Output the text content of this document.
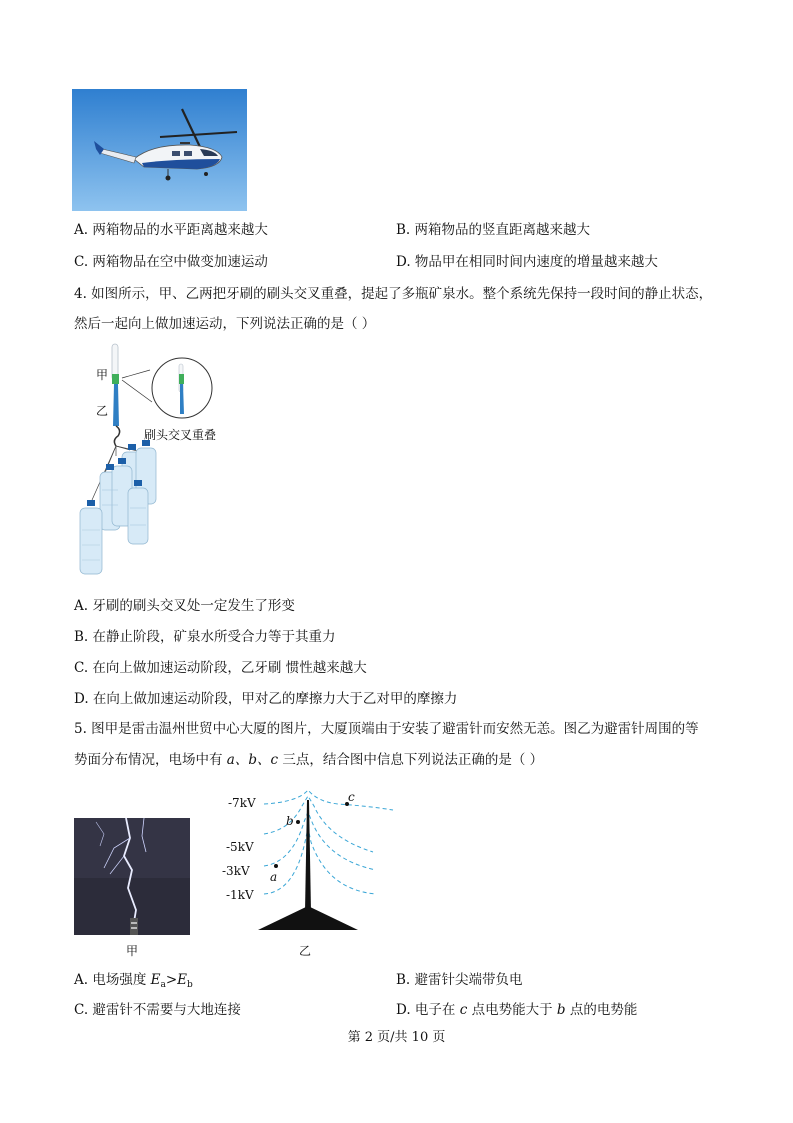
A. 两箱物品的水平距离越来越大	B. 两箱物品的竖直距离越来越大
C. 两箱物品在空中做变加速运动	D. 物品甲在相同时间内速度的增量越来越大
4. 如图所示，甲、乙两把牙刷的刷头交叉重叠，提起了多瓶矿泉水。整个系统先保持一段时间的静止状态，
然后一起向上做加速运动，下列说法正确的是（ ）
甲
乙
刷头交叉重叠
A. 牙刷的刷头交叉处一定发生了形变
B. 在静止阶段，矿泉水所受合力等于其重力
C. 在向上做加速运动阶段，乙牙刷 惯性越来越大
D. 在向上做加速运动阶段，甲对乙的摩擦力大于乙对甲的摩擦力
5. 图甲是雷击温州世贸中心大厦的图片，大厦顶端由于安装了避雷针而安然无恙。图乙为避雷针周围的等
势面分布情况，电场中有 a、b、c 三点，结合图中信息下列说法正确的是（ ）
甲
-7kV
-5kV
-3kV
-1kV
a
b
c
乙
A. 电场强度 $E_a>E_b$	B. 避雷针尖端带负电
C. 避雷针不需要与大地连接	D. 电子在 c 点电势能大于 b 点的电势能
第 2 页/共 10 页
